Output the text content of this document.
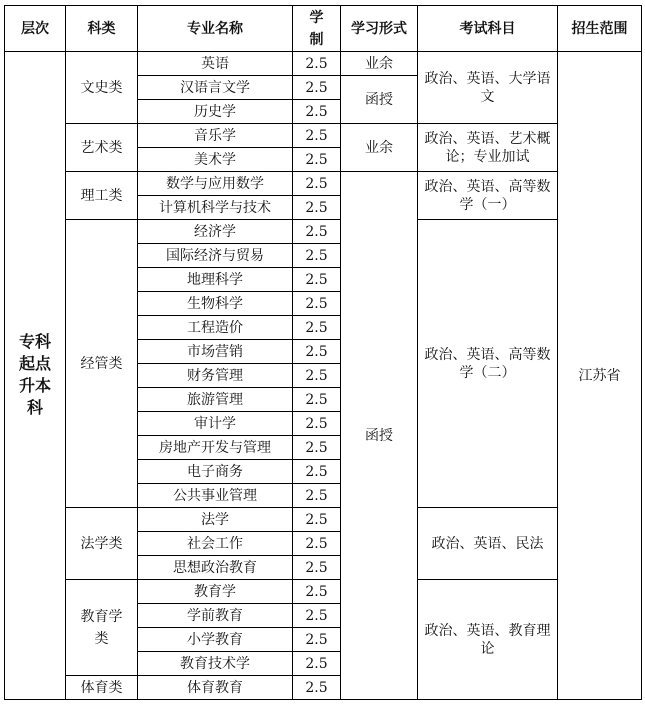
层次	科类	专业名称	学制	学习形式	考试科目	招生范围
专科起点升本科	文史类	英语	2.5	业余	政治、英语、大学语文	江苏省
		汉语言文学	2.5	函授		
		历史学	2.5			
	艺术类	音乐学	2.5	业余	政治、英语、艺术概论；专业加试	
		美术学	2.5			
	理工类	数学与应用数学	2.5	函授	政治、英语、高等数学（一）	
		计算机科学与技术	2.5			
	经管类	经济学	2.5		政治、英语、高等数学（二）	
		国际经济与贸易	2.5			
		地理科学	2.5			
		生物科学	2.5			
		工程造价	2.5			
		市场营销	2.5			
		财务管理	2.5			
		旅游管理	2.5			
		审计学	2.5			
		房地产开发与管理	2.5			
		电子商务	2.5			
		公共事业管理	2.5			
	法学类	法学	2.5		政治、英语、民法	
		社会工作	2.5			
		思想政治教育	2.5			
	教育学类	教育学	2.5		政治、英语、教育理论	
		学前教育	2.5			
		小学教育	2.5			
		教育技术学	2.5			
	体育类	体育教育	2.5			
